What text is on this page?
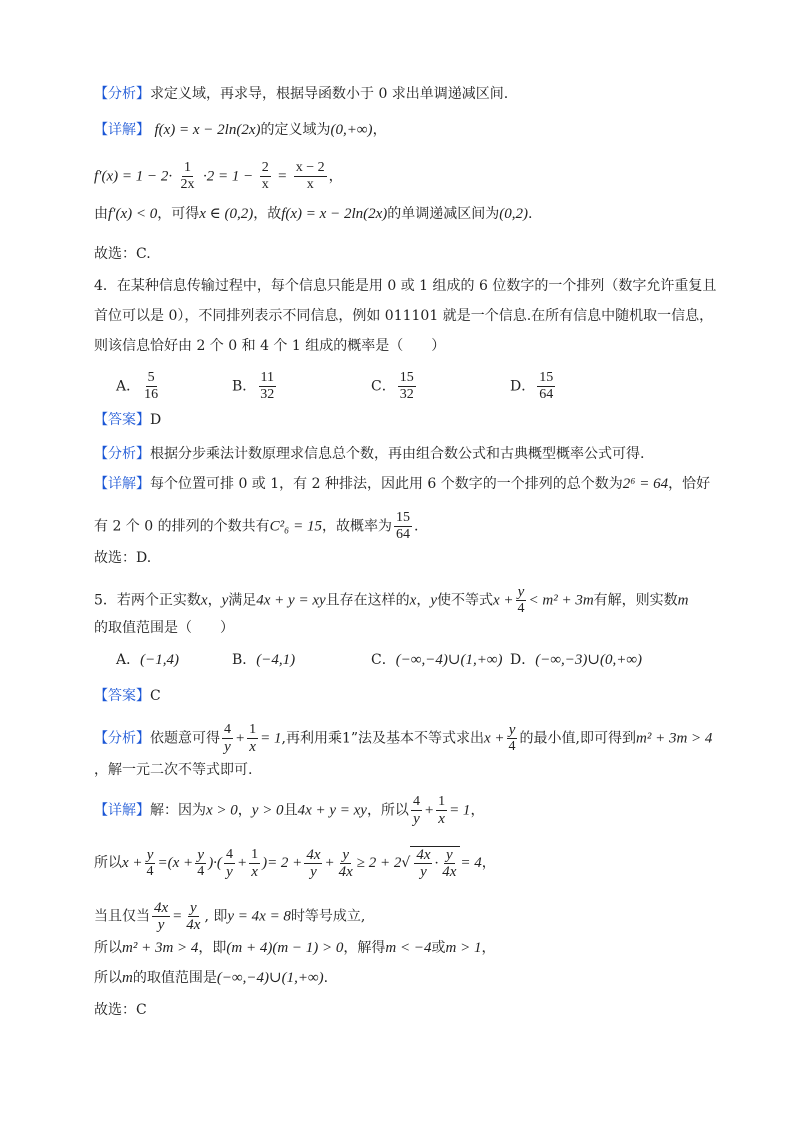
【分析】求定义域，再求导，根据导函数小于 0 求出单调递减区间.
【详解】 f(x) = x − 2ln(2x)的定义域为(0,+∞)，
$f'(x) = 1 - 2\cdot \frac{1}{2x} \cdot 2 = 1 - \frac{2}{x} = \frac{x - 2}{x}$ ，
由f′(x) < 0，可得x ∈ (0,2)，故f(x) = x − 2ln(2x)的单调递减区间为(0,2).
故选：C.
4．在某种信息传输过程中，每个信息只能是用 0 或 1 组成的 6 位数字的一个排列（数字允许重复且
首位可以是 0），不同排列表示不同信息，例如 011101 就是一个信息.在所有信息中随机取一信息，
则该信息恰好由 2 个 0 和 4 个 1 组成的概率是（　　）
A． $\frac{5}{16}$	B． $\frac{11}{32}$	C． $\frac{15}{32}$	D． $\frac{15}{64}$
【答案】D
【分析】根据分步乘法计数原理求信息总个数，再由组合数公式和古典概型概率公式可得.
【详解】每个位置可排 0 或 1，有 2 种排法，因此用 6 个数字的一个排列的总个数为2⁶ = 64，恰好
有 2 个 0 的排列的个数共有C²₆ = 15，故概率为 $\frac{15}{64}$ .
故选：D.
5．若两个正实数x，y满足4x + y = xy且存在这样的x，y使不等式$x + \frac{y}{4} < m^2 + 3m$有解，则实数m
的取值范围是（　　）
A．(−1,4)	B．(−4,1)	C．(−∞,−4)∪(1,+∞) D．(−∞,−3)∪(0,+∞)
【答案】C
【分析】依题意可得 $\frac{4}{y} + \frac{1}{x} = 1$,再利用乘1”法及基本不等式求出$x + \frac{y}{4}$ 的最小值,即可得到m² + 3m > 4
，解一元二次不等式即可.
【详解】解：因为x > 0，y > 0且4x + y = xy，所以 $\frac{4}{y} + \frac{1}{x} = 1$，
所以$x + \frac{y}{4} =(x + \frac{y}{4}$ )·( $\frac{4}{y} + \frac{1}{x}$ )= $2 + \frac{4x}{y} + \frac{y}{4x} \ge 2 + 2$ √ $\frac{4x}{y} \cdot \frac{y}{4x} = 4$，
当且仅当 $\frac{4x}{y} = \frac{y}{4x}$ , 即y = 4x = 8时等号成立,
所以m² + 3m > 4，即(m + 4)(m − 1) > 0，解得m < −4或m > 1，
所以m的取值范围是(−∞,−4)∪(1,+∞).
故选：C
